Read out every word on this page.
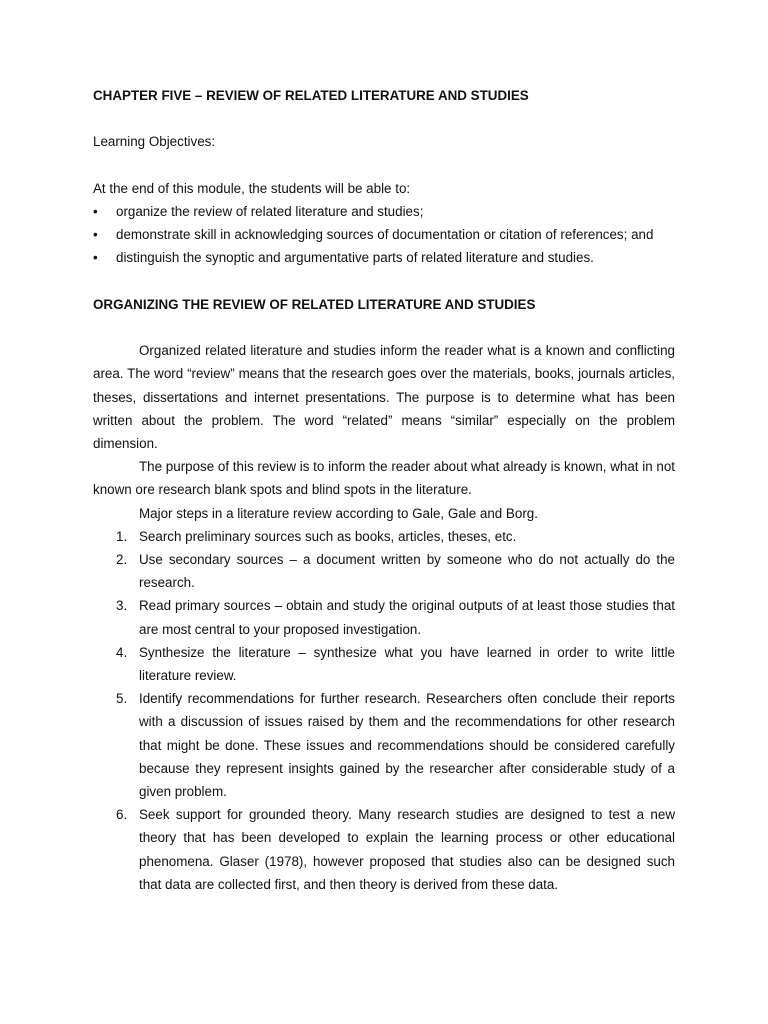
CHAPTER FIVE – REVIEW OF RELATED LITERATURE AND STUDIES

Learning Objectives:

At the end of this module, the students will be able to:

• organize the review of related literature and studies;
• demonstrate skill in acknowledging sources of documentation or citation of references; and
• distinguish the synoptic and argumentative parts of related literature and studies.

ORGANIZING THE REVIEW OF RELATED LITERATURE AND STUDIES

Organized related literature and studies inform the reader what is a known and conflicting area. The word “review” means that the research goes over the materials, books, journals articles, theses, dissertations and internet presentations. The purpose is to determine what has been written about the problem. The word “related” means “similar” especially on the problem dimension.

The purpose of this review is to inform the reader about what already is known, what in not known ore research blank spots and blind spots in the literature.

Major steps in a literature review according to Gale, Gale and Borg.

1. Search preliminary sources such as books, articles, theses, etc.
2. Use secondary sources – a document written by someone who do not actually do the research.
3. Read primary sources – obtain and study the original outputs of at least those studies that are most central to your proposed investigation.
4. Synthesize the literature – synthesize what you have learned in order to write little literature review.
5. Identify recommendations for further research. Researchers often conclude their reports with a discussion of issues raised by them and the recommendations for other research that might be done. These issues and recommendations should be considered carefully because they represent insights gained by the researcher after considerable study of a given problem.
6. Seek support for grounded theory. Many research studies are designed to test a new theory that has been developed to explain the learning process or other educational phenomena. Glaser (1978), however proposed that studies also can be designed such that data are collected first, and then theory is derived from these data.
